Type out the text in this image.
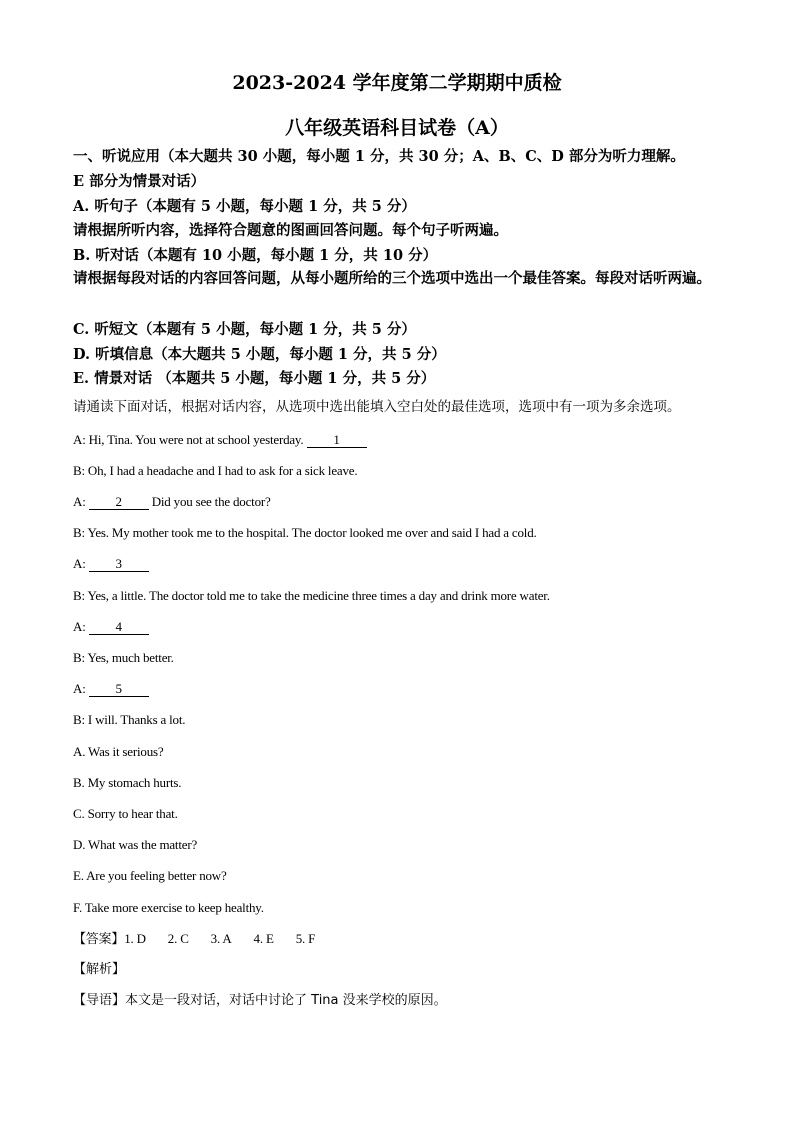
2023-2024 学年度第二学期期中质检
八年级英语科目试卷（A）
一、听说应用（本大题共 30 小题，每小题 1 分，共 30 分；A、B、C、D 部分为听力理解。
E 部分为情景对话）
A. 听句子（本题有 5 小题，每小题 1 分，共 5 分）
请根据所听内容，选择符合题意的图画回答问题。每个句子听两遍。
B. 听对话（本题有 10 小题，每小题 1 分，共 10 分）
请根据每段对话的内容回答问题，从每小题所给的三个选项中选出一个最佳答案。每段对话听两遍。
C. 听短文（本题有 5 小题，每小题 1 分，共 5 分）
D. 听填信息（本大题共 5 小题，每小题 1 分，共 5 分）
E. 情景对话 （本题共 5 小题，每小题 1 分，共 5 分）
请通读下面对话，根据对话内容，从选项中选出能填入空白处的最佳选项，选项中有一项为多余选项。
A: Hi, Tina. You were not at school yesterday. 1
B: Oh, I had a headache and I had to ask for a sick leave.
A: 2 Did you see the doctor?
B: Yes. My mother took me to the hospital. The doctor looked me over and said I had a cold.
A: 3
B: Yes, a little. The doctor told me to take the medicine three times a day and drink more water.
A: 4
B: Yes, much better.
A: 5
B: I will. Thanks a lot.
A. Was it serious?
B. My stomach hurts.
C. Sorry to hear that.
D. What was the matter?
E. Are you feeling better now?
F. Take more exercise to keep healthy.
【答案】1. D 2. C 3. A 4. E 5. F
【解析】
【导语】本文是一段对话，对话中讨论了 Tina 没来学校的原因。
